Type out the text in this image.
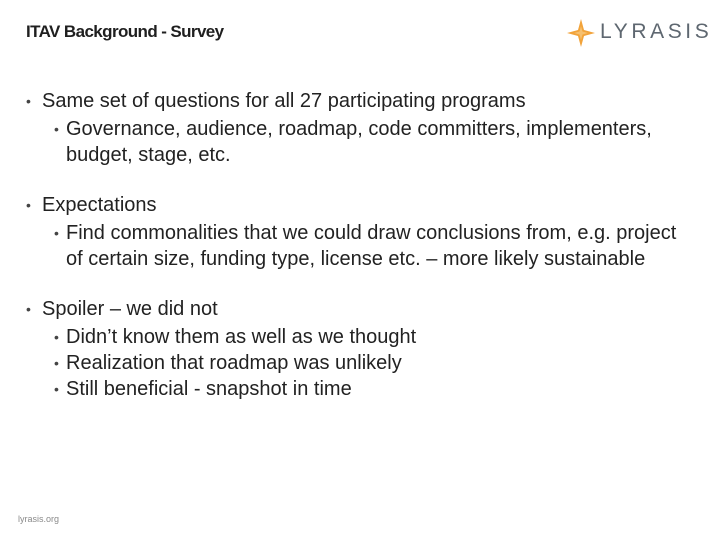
ITAV Background - Survey	LYRASIS
• Same set of questions for all 27 participating programs
• Governance, audience, roadmap, code committers, implementers, budget, stage, etc.
• Expectations
• Find commonalities that we could draw conclusions from, e.g. project of certain size, funding type, license etc. – more likely sustainable
• Spoiler – we did not
• Didn’t know them as well as we thought
• Realization that roadmap was unlikely
• Still beneficial - snapshot in time
lyrasis.org
